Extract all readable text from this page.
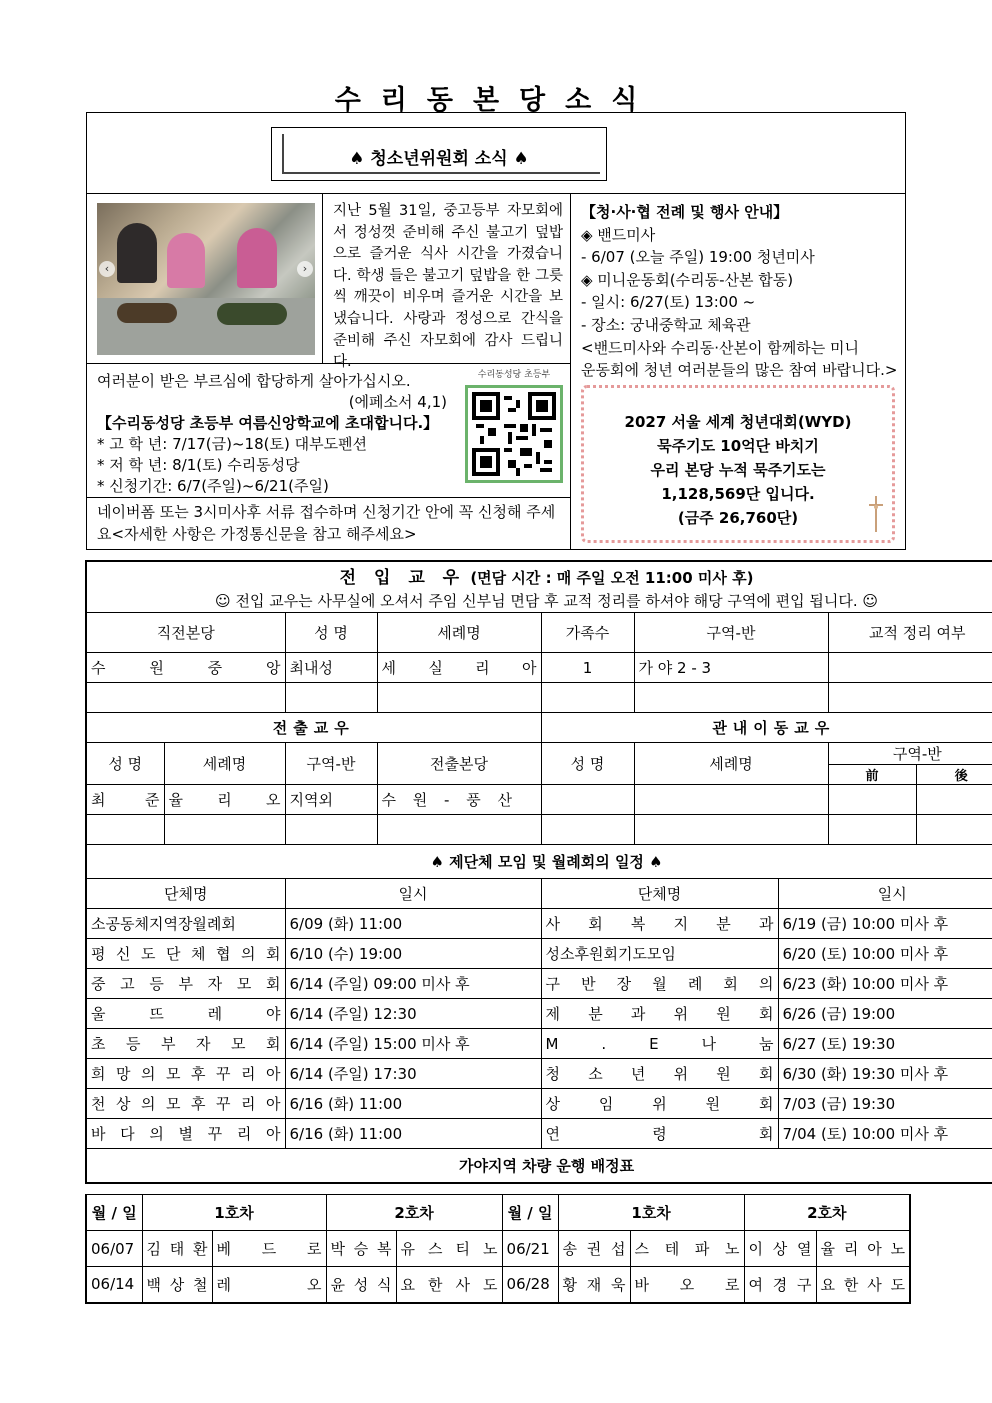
수리동본당소식
♠ 청소년위원회 소식 ♠
‹	›
지난 5월 31일, 중고등부 자모회에서 정성껏 준비해 주신 불고기 덮밥 으로 즐거운 식사 시간을 가졌습니다. 학생 들은 불고기 덮밥을 한 그릇씩 깨끗이 비우며 즐거운 시간을 보냈습니다. 사랑과 정성으로 간식을 준비해 주신 자모회에 감사 드립니다.
【청·사·협 전례 및 행사 안내】
◈ 밴드미사
- 6/07 (오늘 주일) 19:00 청년미사
◈ 미니운동회(수리동-산본 합동)
- 일시: 6/27(토) 13:00 ~
- 장소: 궁내중학교 체육관
<밴드미사와 수리동·산본이 함께하는 미니
운동회에 청년 여러분들의 많은 참여 바랍니다.>
여러분이 받은 부르심에 합당하게 살아가십시오.
(에페소서 4,1)
【수리동성당 초등부 여름신앙학교에 초대합니다.】
* 고 학 년: 7/17(금)~18(토) 대부도펜션
* 저 학 년: 8/1(토) 수리동성당
* 신청기간: 6/7(주일)~6/21(주일)
수리동성당 초등부
네이버폼 또는 3시미사후 서류 접수하며 신청기간 안에 꼭 신청해 주세요<자세한 사항은 가정통신문을 참고 해주세요>
2027 서울 세계 청년대회(WYD)
묵주기도 10억단 바치기
우리 본당 누적 묵주기도는
1,128,569단 입니다.
(금주 26,760단)
전 입 교 우 (면담 시간 : 매 주일 오전 11:00 미사 후)								
☺ 전입 교우는 사무실에 오셔서 주임 신부님 면담 후 교적 정리를 하셔야 해당 구역에 편입 됩니다. ☺								
직전본당		성 명	세례명	가족수	구역-반		교적 정리 여부	
수 원 중 앙		최내성	세 실 리 아	1	가 야 2 - 3			

전출교우				관내이동교우				
성 명	세례명	구역-반	전출본당	성 명	세례명		구역-반	
							前	後
최 준	율 리 오	지역외	수 원 - 풍 산					

♠ 제단체 모임 및 월례회의 일정 ♠								
단체명		일시		단체명		일시		
소공동체지역장월례회		6/09 (화) 11:00		사 회 복 지 분 과		6/19 (금) 10:00 미사 후		
평 신 도 단 체 협 의 회		6/10 (수) 19:00		성소후원회기도모임		6/20 (토) 10:00 미사 후		
중 고 등 부 자 모 회		6/14 (주일) 09:00 미사 후		구 반 장 월 례 회 의		6/23 (화) 10:00 미사 후		
울 뜨 레 야		6/14 (주일) 12:30		제 분 과 위 원 회		6/26 (금) 19:00		
초 등 부 자 모 회		6/14 (주일) 15:00 미사 후		M . E 나 눔		6/27 (토) 19:30		
희 망 의 모 후 꾸 리 아		6/14 (주일) 17:30		청 소 년 위 원 회		6/30 (화) 19:30 미사 후		
천 상 의 모 후 꾸 리 아		6/16 (화) 11:00		상 임 위 원 회		7/03 (금) 19:30		
바 다 의 별 꾸 리 아		6/16 (화) 11:00		연 령 회		7/04 (토) 10:00 미사 후		
가야지역 차량 운행 배정표								
월 / 일	1호차		2호차		월 / 일	1호차		2호차	
06/07	김 태 환	베 드 로	박 승 복	유 스 티 노	06/21	송 권 섭	스 테 파 노	이 상 열	율 리 아 노
06/14	백 상 철	레 오	윤 성 식	요 한 사 도	06/28	황 재 욱	바 오 로	여 경 구	요 한 사 도
